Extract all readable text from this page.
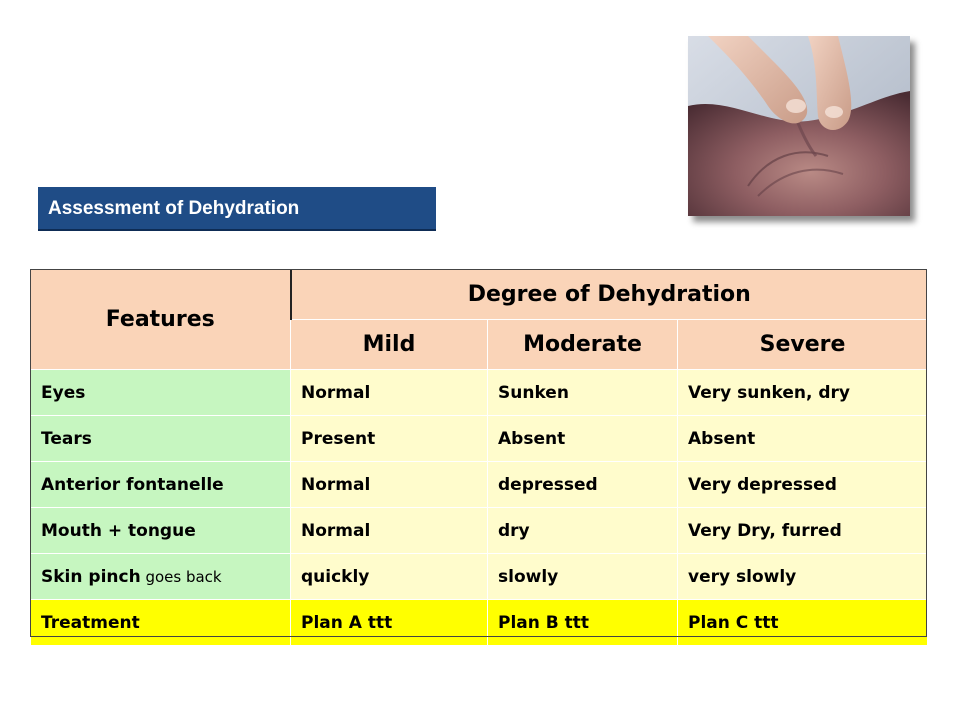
Assessment of Dehydration
Features	Degree of Dehydration		
	Mild	Moderate	Severe
Eyes	Normal	Sunken	Very sunken, dry
Tears	Present	Absent	Absent
Anterior fontanelle	Normal	depressed	Very depressed
Mouth + tongue	Normal	dry	Very Dry, furred
Skin pinch goes back	quickly	slowly	very slowly
Treatment	Plan A ttt	Plan B ttt	Plan C ttt
